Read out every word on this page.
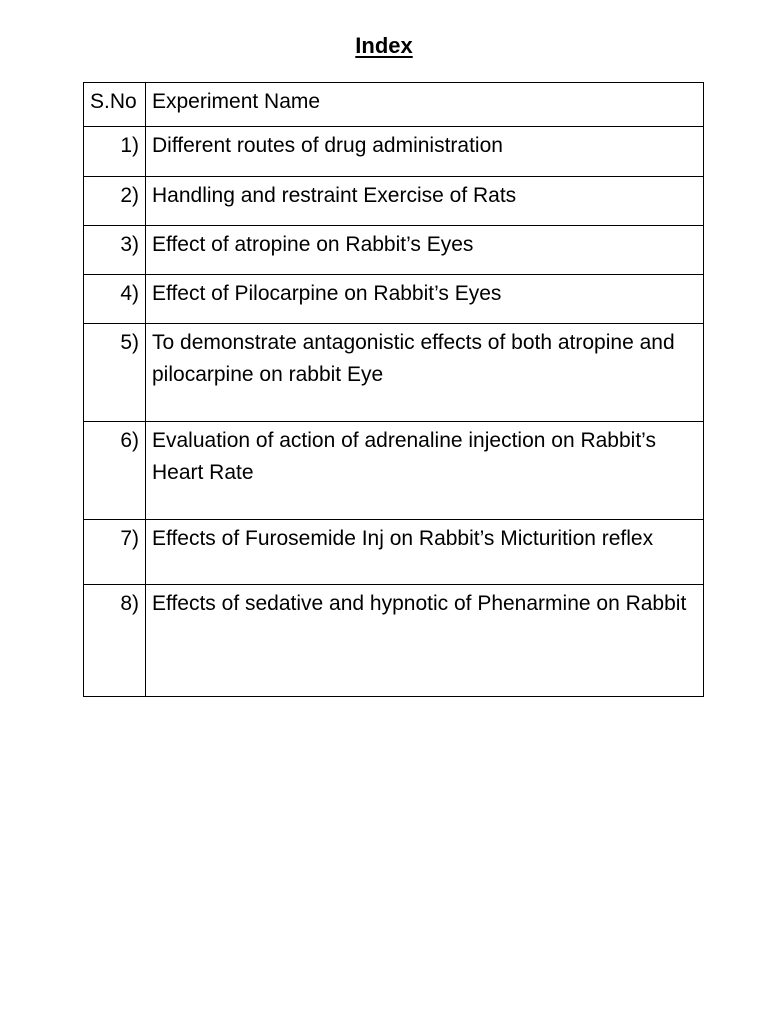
Index
S.No	Experiment Name

1)	Different routes of drug administration

2)	Handling and restraint Exercise of Rats

3)	Effect of atropine on Rabbit’s Eyes

4)	Effect of Pilocarpine on Rabbit’s Eyes

5)	To demonstrate antagonistic effects of both atropine and pilocarpine on rabbit Eye

6)	Evaluation of action of adrenaline injection on Rabbit’s Heart Rate

7)	Effects of Furosemide Inj on Rabbit’s Micturition reflex

8)	Effects of sedative and hypnotic of Phenarmine on Rabbit
